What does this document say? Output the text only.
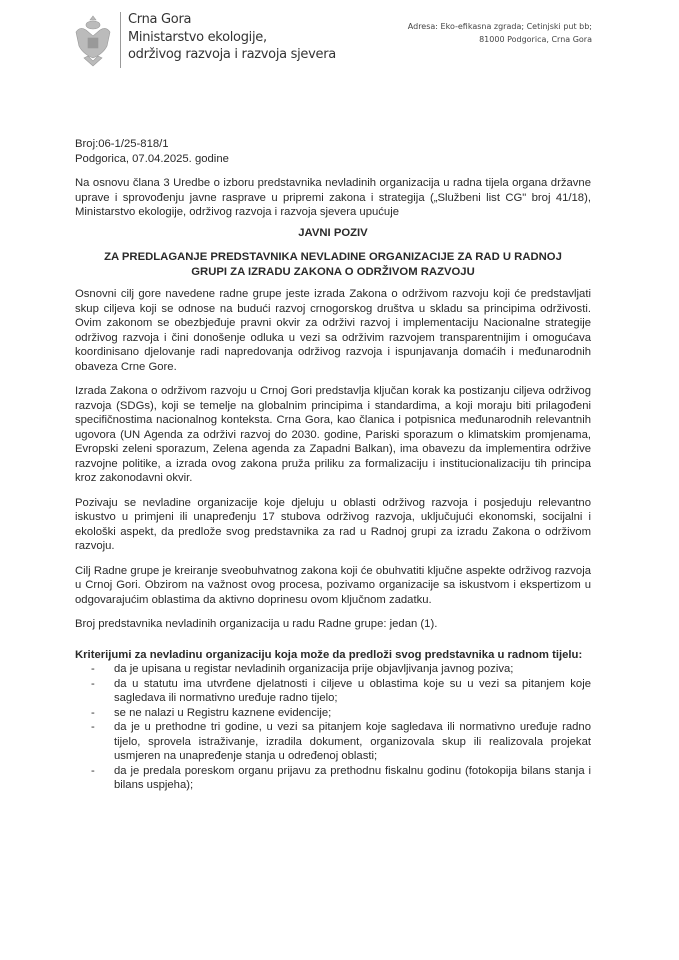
Crna Gora
Ministarstvo ekologije,
održivog razvoja i razvoja sjevera
Adresa: Eko-efikasna zgrada; Cetinjski put bb;
81000 Podgorica, Crna Gora
Broj:06-1/25-818/1
Podgorica, 07.04.2025. godine

Na osnovu člana 3 Uredbe o izboru predstavnika nevladinih organizacija u radna tijela organa državne uprave i sprovođenju javne rasprave u pripremi zakona i strategija („Službeni list CG" broj 41/18), Ministarstvo ekologije, održivog razvoja i razvoja sjevera upućuje

JAVNI POZIV
ZA PREDLAGANJE PREDSTAVNIKA NEVLADINE ORGANIZACIJE ZA RAD U RADNOJ GRUPI ZA IZRADU ZAKONA O ODRŽIVOM RAZVOJU

Osnovni cilj gore navedene radne grupe jeste izrada Zakona o održivom razvoju koji će predstavljati skup ciljeva koji se odnose na budući razvoj crnogorskog društva u skladu sa principima održivosti. Ovim zakonom se obezbjeđuje pravni okvir za održivi razvoj i implementaciju Nacionalne strategije održivog razvoja i čini donošenje odluka u vezi sa održivim razvojem transparentnijim i omogućava koordinisano djelovanje radi napredovanja održivog razvoja i ispunjavanja domaćih i međunarodnih obaveza Crne Gore.

Izrada Zakona o održivom razvoju u Crnoj Gori predstavlja ključan korak ka postizanju ciljeva održivog razvoja (SDGs), koji se temelje na globalnim principima i standardima, a koji moraju biti prilagođeni specifičnostima nacionalnog konteksta. Crna Gora, kao članica i potpisnica međunarodnih relevantnih ugovora (UN Agenda za održivi razvoj do 2030. godine, Pariski sporazum o klimatskim promjenama, Evropski zeleni sporazum, Zelena agenda za Zapadni Balkan), ima obavezu da implementira održive razvojne politike, a izrada ovog zakona pruža priliku za formalizaciju i institucionalizaciju tih principa kroz zakonodavni okvir.

Pozivaju se nevladine organizacije koje djeluju u oblasti održivog razvoja i posjeduju relevantno iskustvo u primjeni ili unapređenju 17 stubova održivog razvoja, uključujući ekonomski, socijalni i ekološki aspekt, da predlože svog predstavnika za rad u Radnoj grupi za izradu Zakona o održivom razvoju.

Cilj Radne grupe je kreiranje sveobuhvatnog zakona koji će obuhvatiti ključne aspekte održivog razvoja u Crnoj Gori. Obzirom na važnost ovog procesa, pozivamo organizacije sa iskustvom i ekspertizom u odgovarajućim oblastima da aktivno doprinesu ovom ključnom zadatku.

Broj predstavnika nevladinih organizacija u radu Radne grupe: jedan (1).

Kriterijumi za nevladinu organizaciju koja može da predloži svog predstavnika u radnom tijelu:

- da je upisana u registar nevladinih organizacija prije objavljivanja javnog poziva;
- da u statutu ima utvrđene djelatnosti i ciljeve u oblastima koje su u vezi sa pitanjem koje sagledava ili normativno uređuje radno tijelo;
- se ne nalazi u Registru kaznene evidencije;
- da je u prethodne tri godine, u vezi sa pitanjem koje sagledava ili normativno uređuje radno tijelo, sprovela istraživanje, izradila dokument, organizovala skup ili realizovala projekat usmjeren na unapređenje stanja u određenoj oblasti;
- da je predala poreskom organu prijavu za prethodnu fiskalnu godinu (fotokopija bilans stanja i bilans uspjeha);
